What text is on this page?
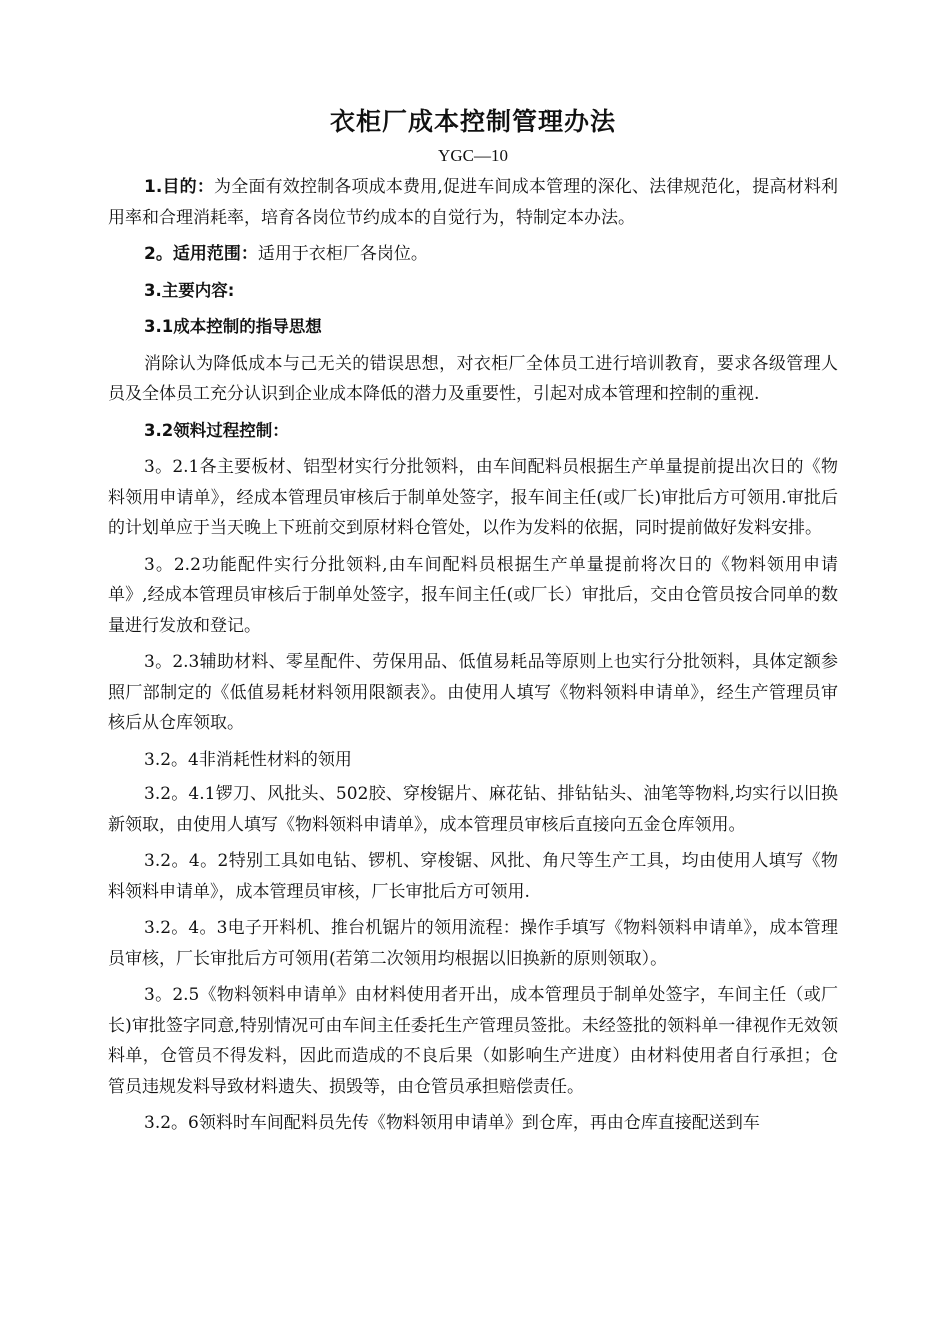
衣柜厂成本控制管理办法
YGC—10

1.目的：为全面有效控制各项成本费用,促进车间成本管理的深化、法律规范化，提高材料利用率和合理消耗率，培育各岗位节约成本的自觉行为，特制定本办法。

2。适用范围：适用于衣柜厂各岗位。

3.主要内容:

3.1成本控制的指导思想

消除认为降低成本与己无关的错误思想，对衣柜厂全体员工进行培训教育，要求各级管理人员及全体员工充分认识到企业成本降低的潜力及重要性，引起对成本管理和控制的重视.

3.2领料过程控制：

3。2.1各主要板材、铝型材实行分批领料，由车间配料员根据生产单量提前提出次日的《物料领用申请单》，经成本管理员审核后于制单处签字，报车间主任(或厂长)审批后方可领用.审批后的计划单应于当天晚上下班前交到原材料仓管处，以作为发料的依据，同时提前做好发料安排。

3。2.2功能配件实行分批领料,由车间配料员根据生产单量提前将次日的《物料领用申请单》,经成本管理员审核后于制单处签字，报车间主任(或厂长）审批后，交由仓管员按合同单的数量进行发放和登记。

3。2.3辅助材料、零星配件、劳保用品、低值易耗品等原则上也实行分批领料，具体定额参照厂部制定的《低值易耗材料领用限额表》。由使用人填写《物料领料申请单》，经生产管理员审核后从仓库领取。

3.2。4非消耗性材料的领用

3.2。4.1锣刀、风批头、502胶、穿梭锯片、麻花钻、排钻钻头、油笔等物料,均实行以旧换新领取，由使用人填写《物料领料申请单》，成本管理员审核后直接向五金仓库领用。

3.2。4。2特别工具如电钻、锣机、穿梭锯、风批、角尺等生产工具，均由使用人填写《物料领料申请单》，成本管理员审核，厂长审批后方可领用.

3.2。4。3电子开料机、推台机锯片的领用流程：操作手填写《物料领料申请单》，成本管理员审核，厂长审批后方可领用(若第二次领用均根据以旧换新的原则领取）。

3。2.5《物料领料申请单》由材料使用者开出，成本管理员于制单处签字，车间主任（或厂长)审批签字同意,特别情况可由车间主任委托生产管理员签批。未经签批的领料单一律视作无效领料单，仓管员不得发料，因此而造成的不良后果（如影响生产进度）由材料使用者自行承担；仓管员违规发料导致材料遗失、损毁等，由仓管员承担赔偿责任。

3.2。6领料时车间配料员先传《物料领用申请单》到仓库，再由仓库直接配送到车
